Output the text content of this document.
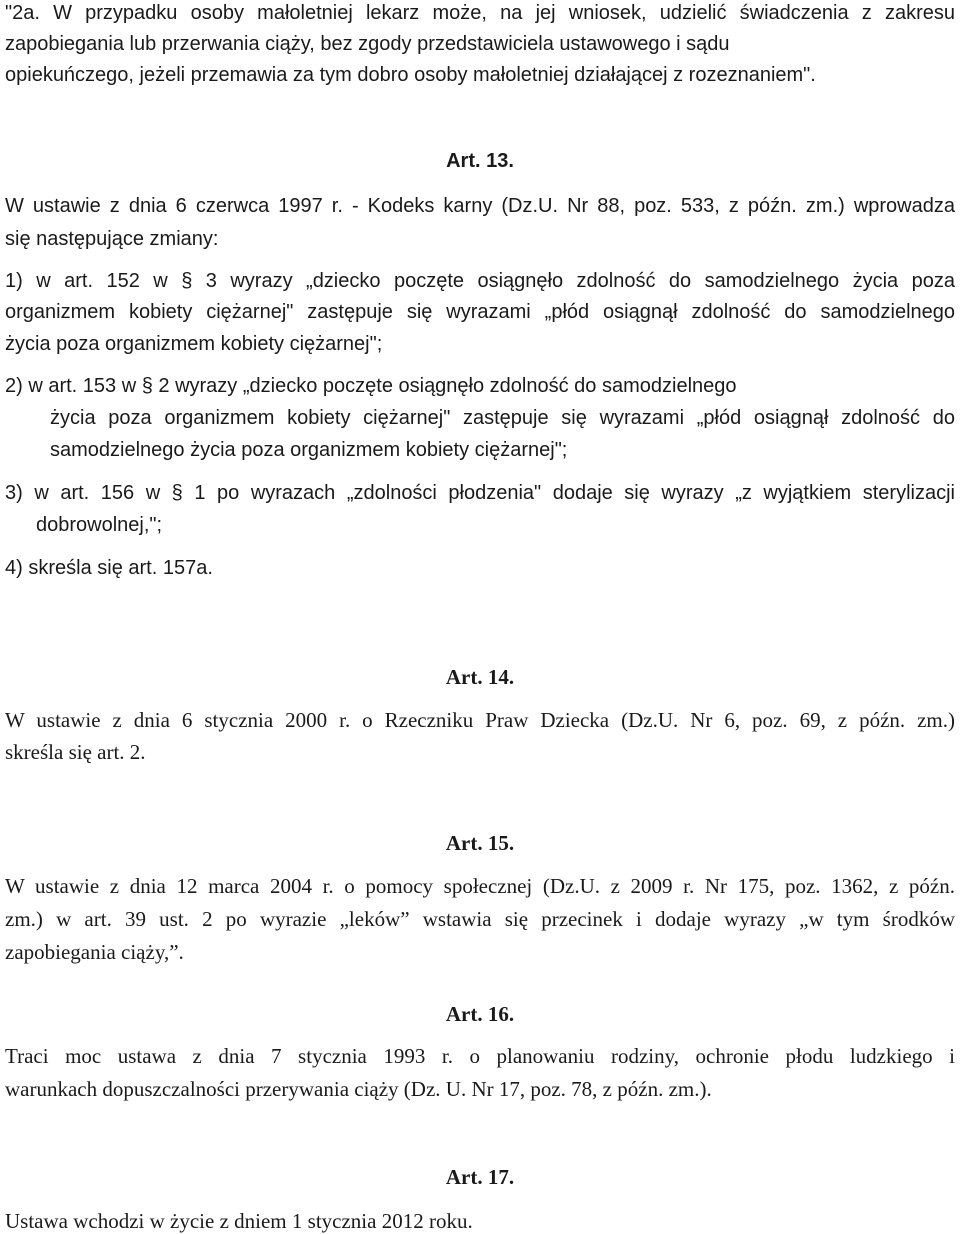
"2a. W przypadku osoby małoletniej lekarz może, na jej wniosek, udzielić świadczenia z zakresu
zapobiegania lub przerwania ciąży, bez zgody przedstawiciela ustawowego i sądu
opiekuńczego, jeżeli przemawia za tym dobro osoby małoletniej działającej z rozeznaniem".
Art. 13.
W ustawie z dnia 6 czerwca 1997 r. - Kodeks karny (Dz.U. Nr 88, poz. 533, z późn. zm.) wprowadza
się następujące zmiany:
1) w art. 152 w § 3 wyrazy „dziecko poczęte osiągnęło zdolność do samodzielnego życia poza
organizmem kobiety ciężarnej" zastępuje się wyrazami „płód osiągnął zdolność do samodzielnego
życia poza organizmem kobiety ciężarnej";
2) w art. 153 w § 2 wyrazy „dziecko poczęte osiągnęło zdolność do samodzielnego
życia poza organizmem kobiety ciężarnej" zastępuje się wyrazami „płód osiągnął zdolność do
samodzielnego życia poza organizmem kobiety ciężarnej";
3) w art. 156 w § 1 po wyrazach „zdolności płodzenia" dodaje się wyrazy „z wyjątkiem sterylizacji
dobrowolnej,";
4) skreśla się art. 157a.
Art. 14.
W ustawie z dnia 6 stycznia 2000 r. o Rzeczniku Praw Dziecka (Dz.U. Nr 6, poz. 69, z późn. zm.)
skreśla się art. 2.
Art. 15.
W ustawie z dnia 12 marca 2004 r. o pomocy społecznej (Dz.U. z 2009 r. Nr 175, poz. 1362, z późn.
zm.) w art. 39 ust. 2 po wyrazie „leków” wstawia się przecinek i dodaje wyrazy „w tym środków
zapobiegania ciąży,”.
Art. 16.
Traci moc ustawa z dnia 7 stycznia 1993 r. o planowaniu rodziny, ochronie płodu ludzkiego i
warunkach dopuszczalności przerywania ciąży (Dz. U. Nr 17, poz. 78, z późn. zm.).
Art. 17.
Ustawa wchodzi w życie z dniem 1 stycznia 2012 roku.
